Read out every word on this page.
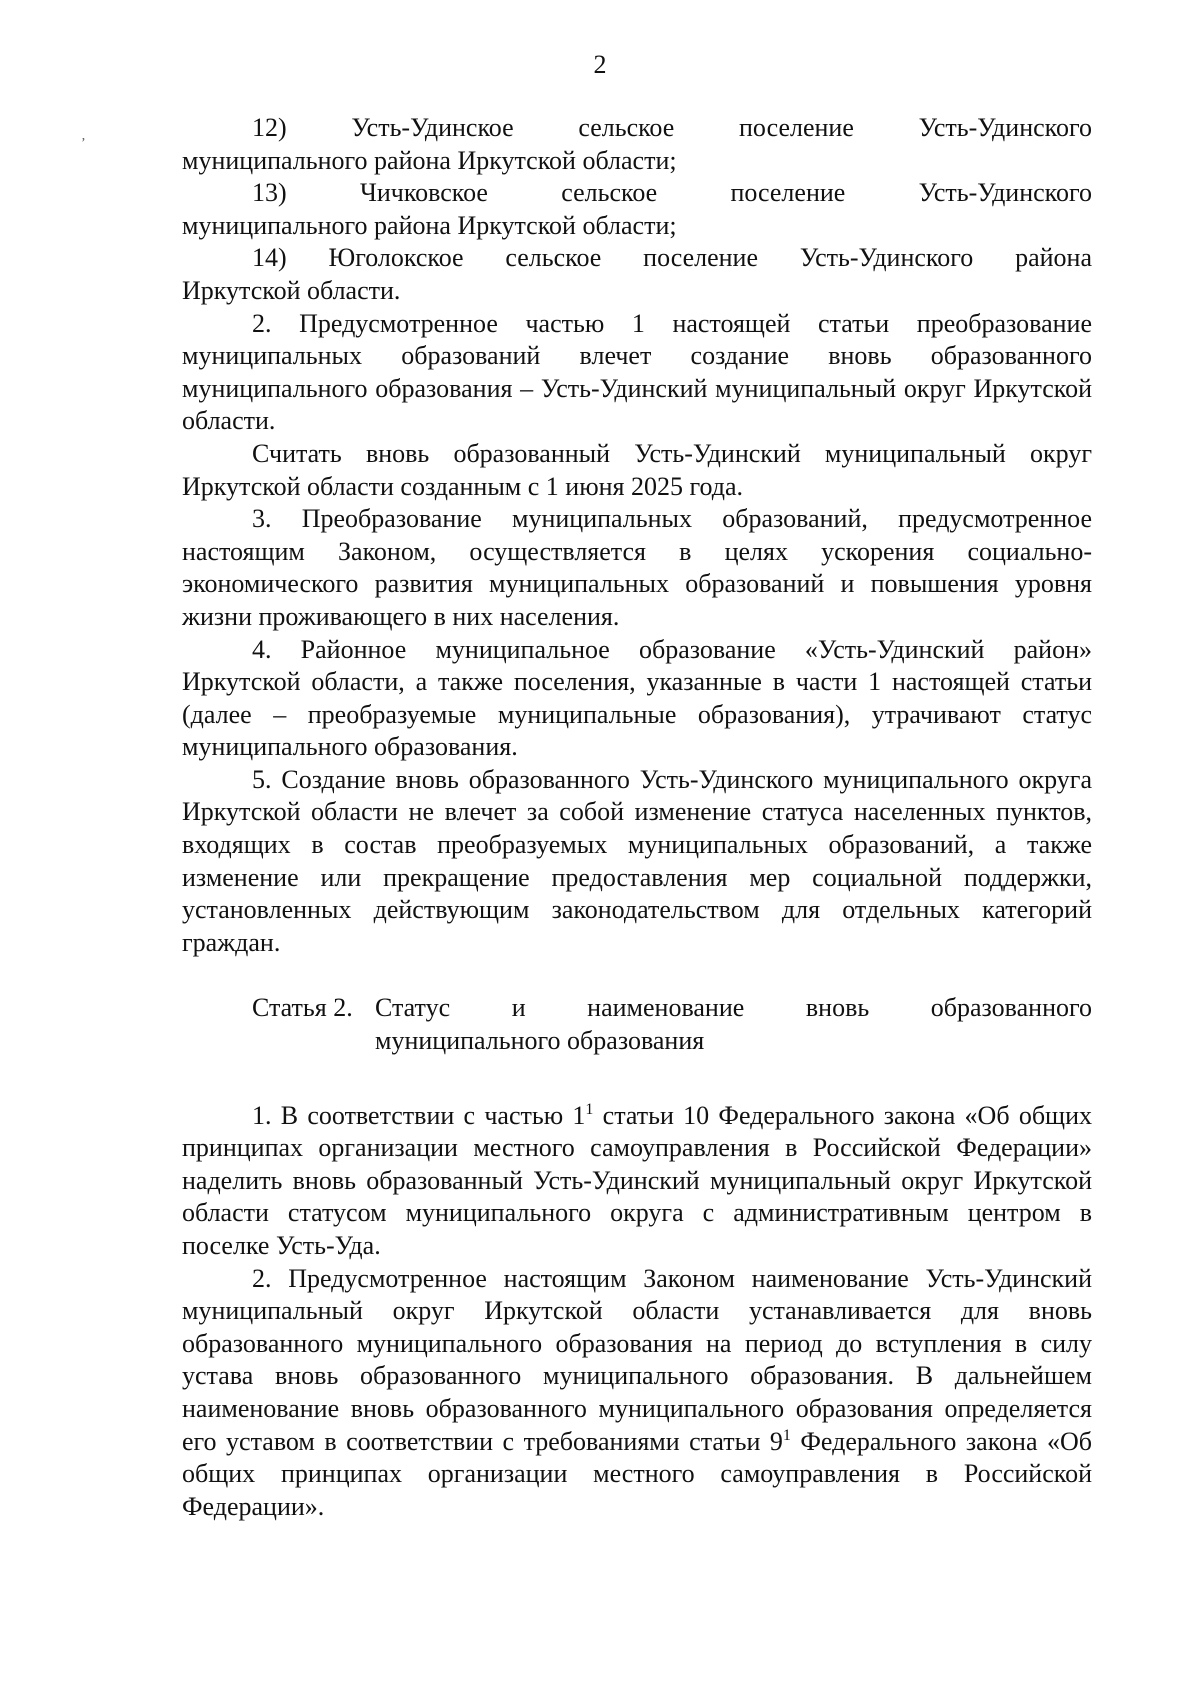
2
ʼ

12) Усть-Удинское сельское поселение Усть-Удинского

муниципального района Иркутской области;

13) Чичковское сельское поселение Усть-Удинского

муниципального района Иркутской области;

14) Юголокское сельское поселение Усть-Удинского района

Иркутской области.

2. Предусмотренное частью 1 настоящей статьи преобразование муниципальных образований влечет создание вновь образованного муниципального образования – Усть-Удинский муниципальный округ Иркутской области.

Считать вновь образованный Усть-Удинский муниципальный округ Иркутской области созданным с 1 июня 2025 года.

3. Преобразование муниципальных образований, предусмотренное настоящим Законом, осуществляется в целях ускорения социально-экономического развития муниципальных образований и повышения уровня жизни проживающего в них населения.

4. Районное муниципальное образование «Усть-Удинский район» Иркутской области, а также поселения, указанные в части 1 настоящей статьи (далее – преобразуемые муниципальные образования), утрачивают статус муниципального образования.

5. Создание вновь образованного Усть-Удинского муниципального округа Иркутской области не влечет за собой изменение статуса населенных пунктов, входящих в состав преобразуемых муниципальных образований, а также изменение или прекращение предоставления мер социальной поддержки, установленных действующим законодательством для отдельных категорий граждан.

Статья 2. Статус и наименование вновь образованного
муниципального образования

1. В соответствии с частью $1^1$ статьи 10 Федерального закона «Об общих принципах организации местного самоуправления в Российской Федерации» наделить вновь образованный Усть-Удинский муниципальный округ Иркутской области статусом муниципального округа с административным центром в поселке Усть-Уда.

2. Предусмотренное настоящим Законом наименование Усть-Удинский муниципальный округ Иркутской области устанавливается для вновь образованного муниципального образования на период до вступления в силу устава вновь образованного муниципального образования. В дальнейшем наименование вновь образованного муниципального образования определяется его уставом в соответствии с требованиями статьи $9^1$ Федерального закона «Об общих принципах организации местного самоуправления в Российской Федерации».
